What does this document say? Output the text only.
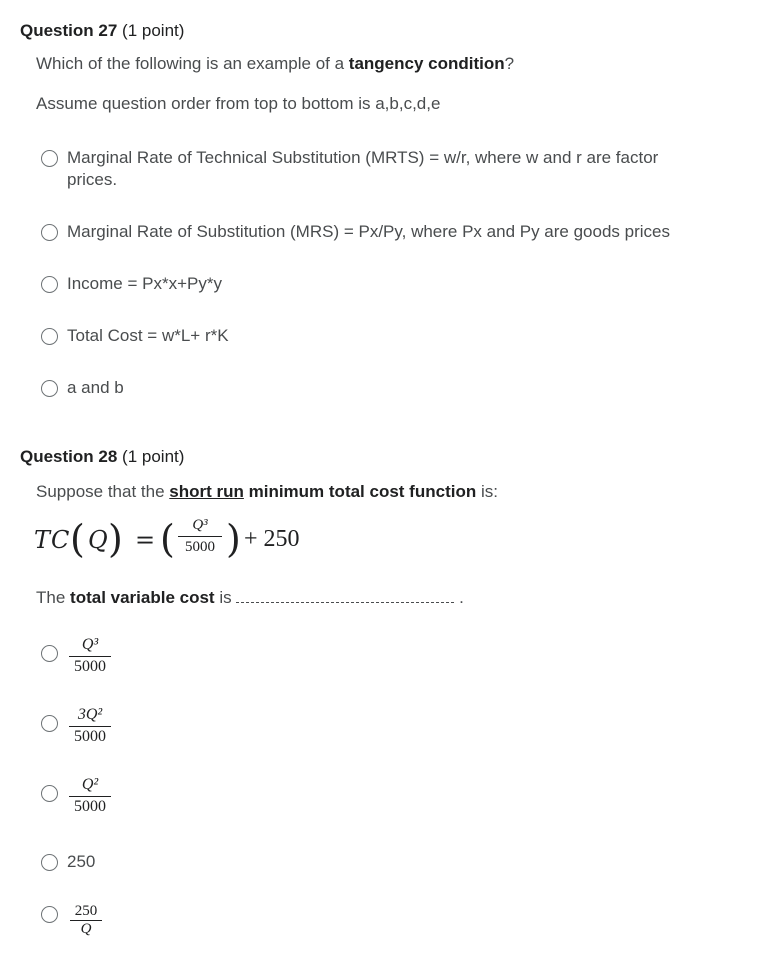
Question 27 (1 point)
Which of the following is an example of a tangency condition?
Assume question order from top to bottom is a,b,c,d,e
Marginal Rate of Technical Substitution (MRTS) = w/r, where w and r are factor
prices.
Marginal Rate of Substitution (MRS) = Px/Py, where Px and Py are goods prices
Income = Px*x+Py*y
Total Cost = w*L+ r*K
a and b
Question 28 (1 point)
Suppose that the short run minimum total cost function is:
TC ( Q ) = (	Q³
5000 ) + 250
The total variable cost is	.
Q³
5000
3Q²
5000
Q²
5000
250
250
Q
